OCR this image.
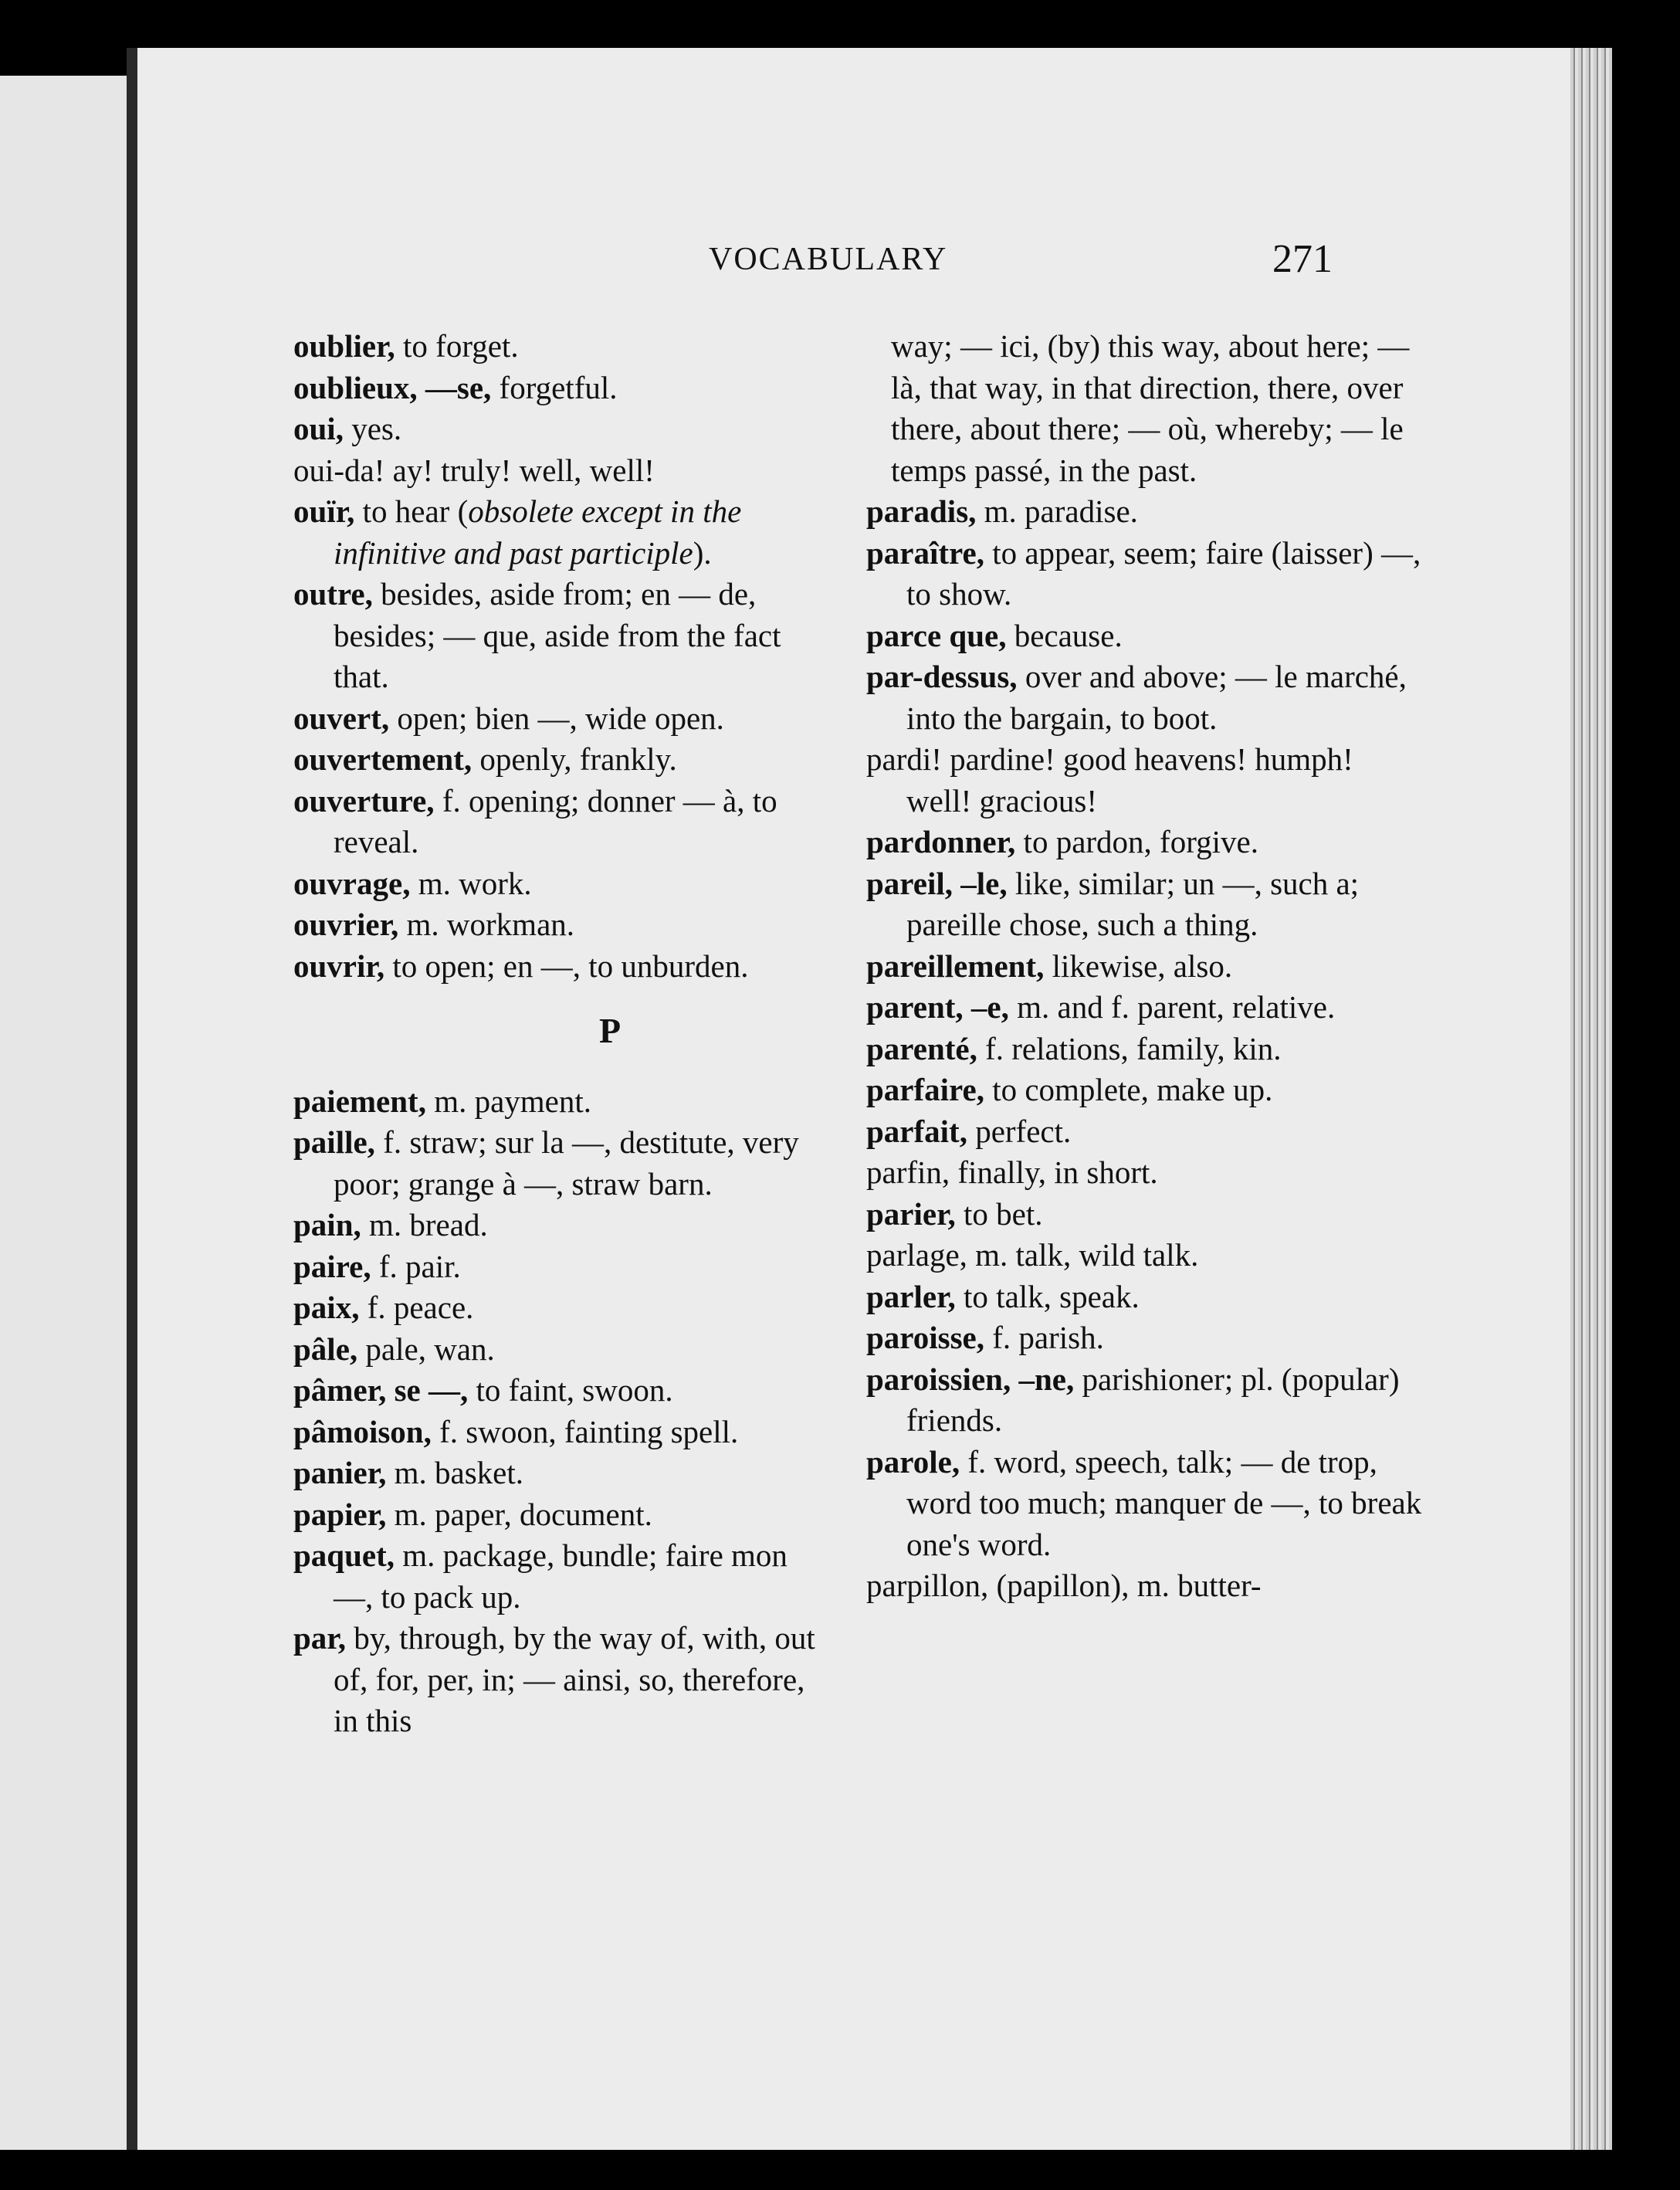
VOCABULARY	271

oublier, to forget.

oublieux, —se, forgetful.

oui, yes.

oui-da! ay! truly! well, well!

ouïr, to hear (obsolete except in the infinitive and past participle).

outre, besides, aside from; en — de, besides; — que, aside from the fact that.

ouvert, open; bien —, wide open.

ouvertement, openly, frankly.

ouverture, f. opening; donner — à, to reveal.

ouvrage, m. work.

ouvrier, m. workman.

ouvrir, to open; en —, to unburden.

P

paiement, m. payment.

paille, f. straw; sur la —, destitute, very poor; grange à —, straw barn.

pain, m. bread.

paire, f. pair.

paix, f. peace.

pâle, pale, wan.

pâmer, se —, to faint, swoon.

pâmoison, f. swoon, fainting spell.

panier, m. basket.

papier, m. paper, document.

paquet, m. package, bundle; faire mon —, to pack up.

par, by, through, by the way of, with, out of, for, per, in; — ainsi, so, therefore, in this

way; — ici, (by) this way, about here; — là, that way, in that direction, there, over there, about there; — où, whereby; — le temps passé, in the past.

paradis, m. paradise.

paraître, to appear, seem; faire (laisser) —, to show.

parce que, because.

par-dessus, over and above; — le marché, into the bargain, to boot.

pardi! pardine! good heavens! humph! well! gracious!

pardonner, to pardon, forgive.

pareil, –le, like, similar; un —, such a; pareille chose, such a thing.

pareillement, likewise, also.

parent, –e, m. and f. parent, relative.

parenté, f. relations, family, kin.

parfaire, to complete, make up.

parfait, perfect.

parfin, finally, in short.

parier, to bet.

parlage, m. talk, wild talk.

parler, to talk, speak.

paroisse, f. parish.

paroissien, –ne, parishioner; pl. (popular) friends.

parole, f. word, speech, talk; — de trop, word too much; manquer de —, to break one's word.

parpillon, (papillon), m. butter-
